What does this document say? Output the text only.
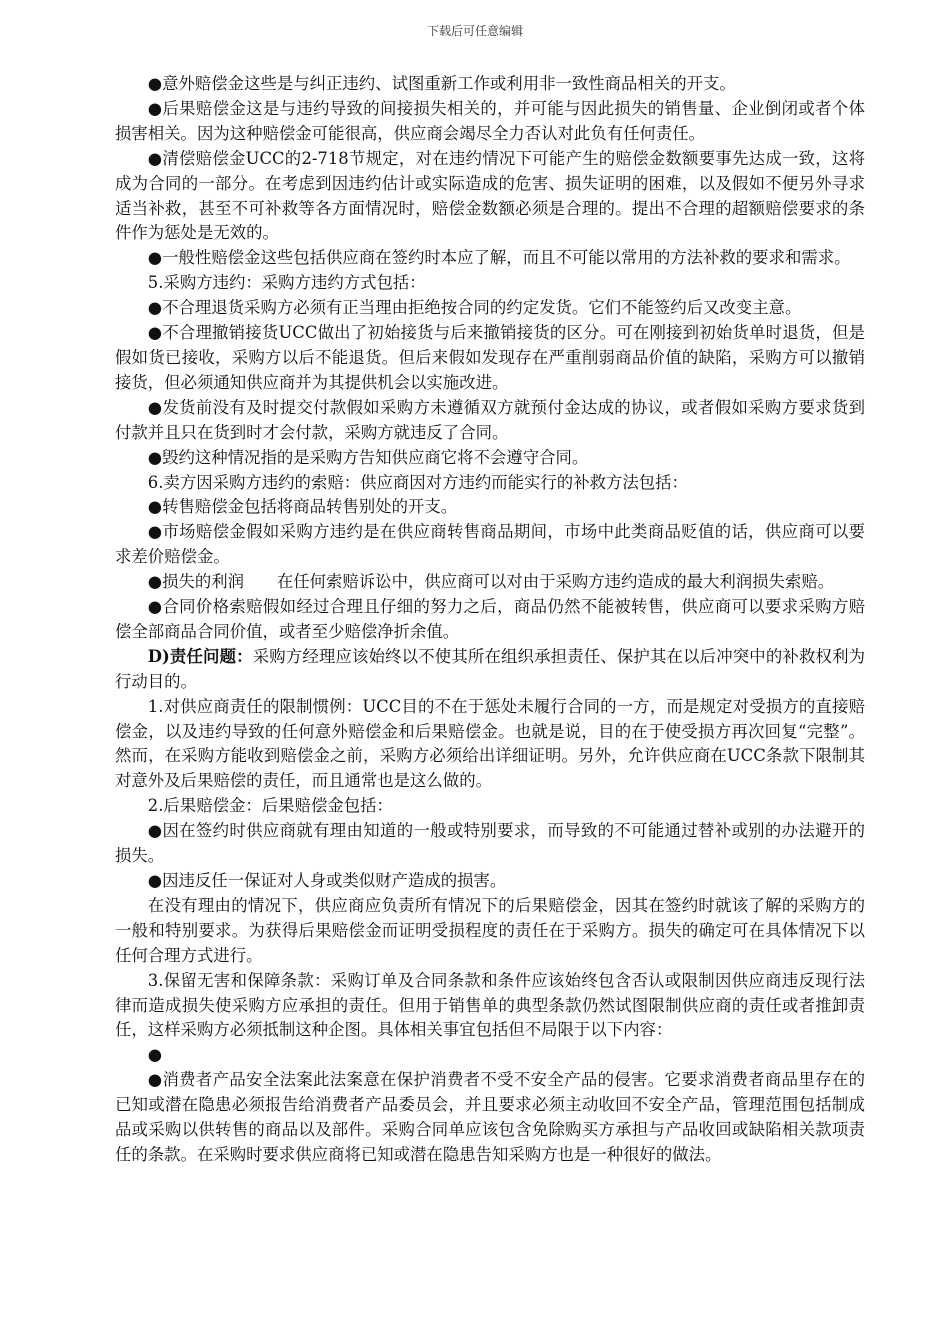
下载后可任意编辑

●意外赔偿金这些是与纠正违约、试图重新工作或利用非一致性商品相关的开支。

●后果赔偿金这是与违约导致的间接损失相关的，并可能与因此损失的销售量、企业倒闭或者个体损害相关。因为这种赔偿金可能很高，供应商会竭尽全力否认对此负有任何责任。

●清偿赔偿金UCC的2-718节规定，对在违约情况下可能产生的赔偿金数额要事先达成一致，这将成为合同的一部分。在考虑到因违约估计或实际造成的危害、损失证明的困难，以及假如不便另外寻求适当补救，甚至不可补救等各方面情况时，赔偿金数额必须是合理的。提出不合理的超额赔偿要求的条件作为惩处是无效的。

●一般性赔偿金这些包括供应商在签约时本应了解，而且不可能以常用的方法补救的要求和需求。

5.采购方违约：采购方违约方式包括：

●不合理退货采购方必须有正当理由拒绝按合同的约定发货。它们不能签约后又改变主意。

●不合理撤销接货UCC做出了初始接货与后来撤销接货的区分。可在刚接到初始货单时退货，但是假如货已接收，采购方以后不能退货。但后来假如发现存在严重削弱商品价值的缺陷，采购方可以撤销接货，但必须通知供应商并为其提供机会以实施改进。

●发货前没有及时提交付款假如采购方未遵循双方就预付金达成的协议，或者假如采购方要求货到付款并且只在货到时才会付款，采购方就违反了合同。

●毁约这种情况指的是采购方告知供应商它将不会遵守合同。

6.卖方因采购方违约的索赔：供应商因对方违约而能实行的补救方法包括：

●转售赔偿金包括将商品转售别处的开支。

●市场赔偿金假如采购方违约是在供应商转售商品期间，市场中此类商品贬值的话，供应商可以要求差价赔偿金。

●损失的利润　　在任何索赔诉讼中，供应商可以对由于采购方违约造成的最大利润损失索赔。

●合同价格索赔假如经过合理且仔细的努力之后，商品仍然不能被转售，供应商可以要求采购方赔偿全部商品合同价值，或者至少赔偿净折余值。

D)责任问题：采购方经理应该始终以不使其所在组织承担责任、保护其在以后冲突中的补救权利为行动目的。

1.对供应商责任的限制惯例：UCC目的不在于惩处未履行合同的一方，而是规定对受损方的直接赔偿金，以及违约导致的任何意外赔偿金和后果赔偿金。也就是说，目的在于使受损方再次回复“完整”。然而，在采购方能收到赔偿金之前，采购方必须给出详细证明。另外，允许供应商在UCC条款下限制其对意外及后果赔偿的责任，而且通常也是这么做的。

2.后果赔偿金：后果赔偿金包括：

●因在签约时供应商就有理由知道的一般或特别要求，而导致的不可能通过替补或别的办法避开的损失。

●因违反任一保证对人身或类似财产造成的损害。

在没有理由的情况下，供应商应负责所有情况下的后果赔偿金，因其在签约时就该了解的采购方的一般和特别要求。为获得后果赔偿金而证明受损程度的责任在于采购方。损失的确定可在具体情况下以任何合理方式进行。

3.保留无害和保障条款：采购订单及合同条款和条件应该始终包含否认或限制因供应商违反现行法律而造成损失使采购方应承担的责任。但用于销售单的典型条款仍然试图限制供应商的责任或者推卸责任，这样采购方必须抵制这种企图。具体相关事宜包括但不局限于以下内容：

●

●消费者产品安全法案此法案意在保护消费者不受不安全产品的侵害。它要求消费者商品里存在的已知或潜在隐患必须报告给消费者产品委员会，并且要求必须主动收回不安全产品，管理范围包括制成品或采购以供转售的商品以及部件。采购合同单应该包含免除购买方承担与产品收回或缺陷相关款项责任的条款。在采购时要求供应商将已知或潜在隐患告知采购方也是一种很好的做法。
